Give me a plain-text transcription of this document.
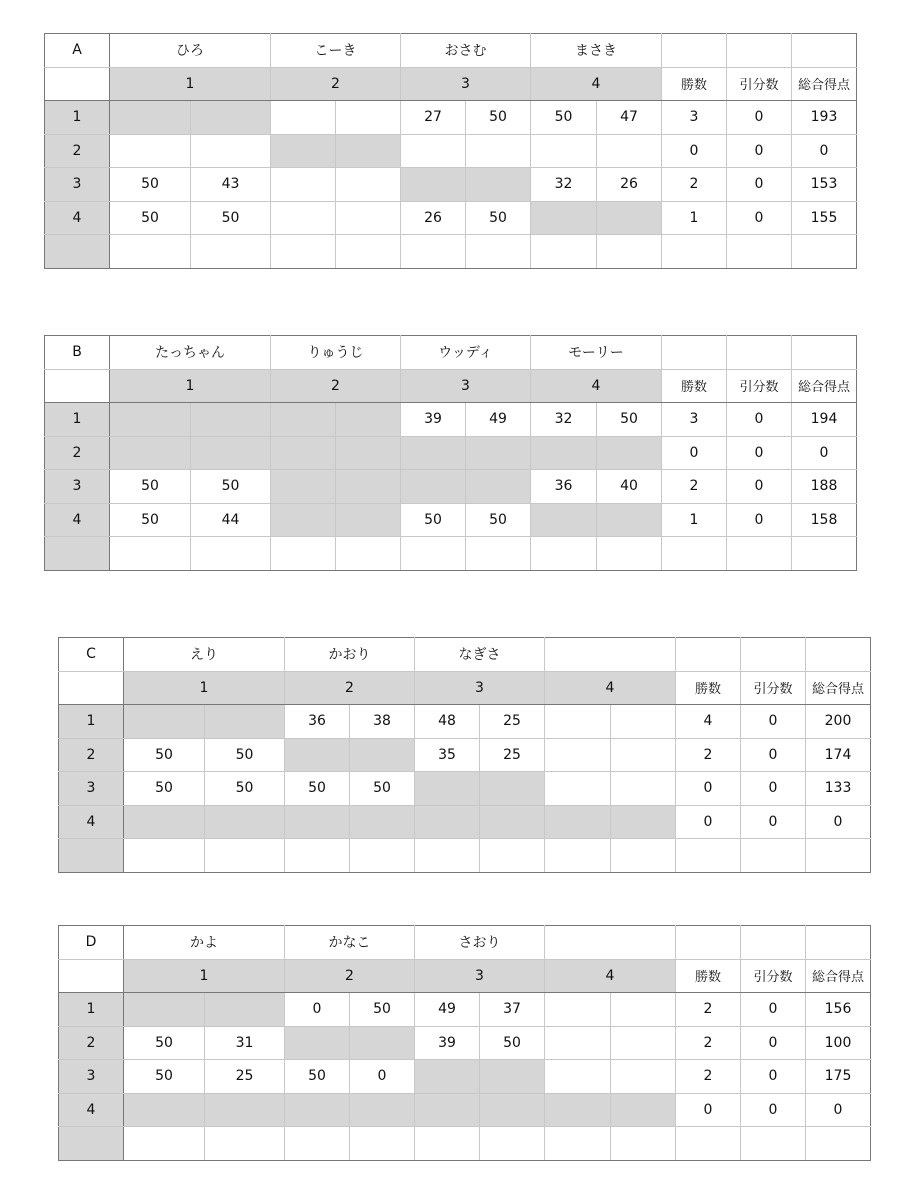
A	ひろ		こーき		おさむ		まさき				
	1		2		3		4		勝数	引分数	総合得点
1					27	50	50	47	3	0	193
2									0	0	0
3	50	43					32	26	2	0	153
4	50	50			26	50			1	0	155

B	たっちゃん		りゅうじ		ウッディ		モーリー				
	1		2		3		4		勝数	引分数	総合得点
1					39	49	32	50	3	0	194
2									0	0	0
3	50	50					36	40	2	0	188
4	50	44			50	50			1	0	158

C	えり		かおり		なぎさ						
	1		2		3		4		勝数	引分数	総合得点
1			36	38	48	25			4	0	200
2	50	50			35	25			2	0	174
3	50	50	50	50					0	0	133
4									0	0	0

D	かよ		かなこ		さおり						
	1		2		3		4		勝数	引分数	総合得点
1			0	50	49	37			2	0	156
2	50	31			39	50			2	0	100
3	50	25	50	0					2	0	175
4									0	0	0
